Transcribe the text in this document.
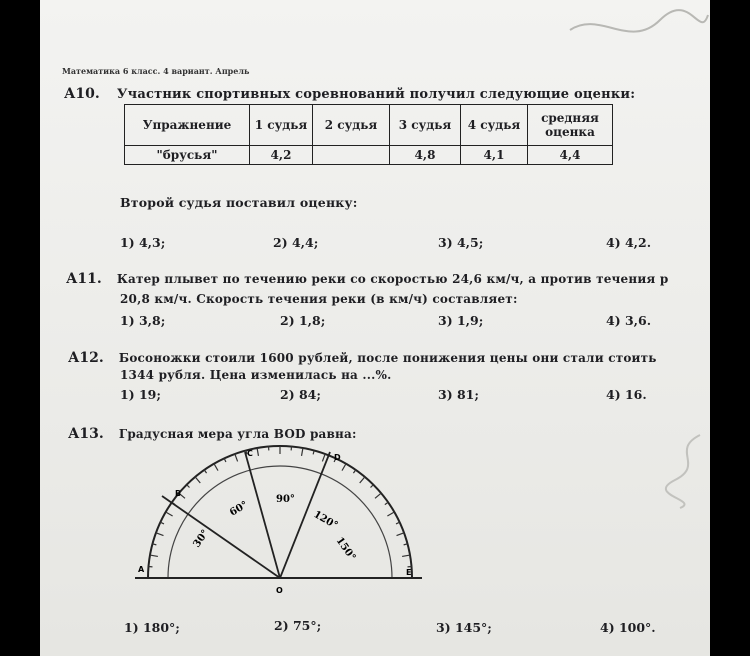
Математика 6 класс. 4 вариант. Апрель
А10. Участник спортивных соревнований получил следующие оценки:
Упражнение	1 судья	2 судья	3 судья	4 судья	средняя оценка
"брусья"	4,2		4,8	4,1	4,4
Второй судья поставил оценку:
1) 4,3;	2) 4,4;	3) 4,5;	4) 4,2.
А11. Катер плывет по течению реки со скоростью 24,6 км/ч, а против течения р
20,8 км/ч. Скорость течения реки (в км/ч) составляет:
1) 3,8;	2) 1,8;	3) 1,9;	4) 3,6.
А12. Босоножки стоили 1600 рублей, после понижения цены они стали стоить
1344 рубля. Цена изменилась на ...%.
1) 19;	2) 84;	3) 81;	4) 16.
А13. Градусная мера угла BOD равна:
A
B
C	D
E
O
30°
60°
90°
120°
150°
1) 180°;	2) 75°;	3) 145°;	4) 100°.
